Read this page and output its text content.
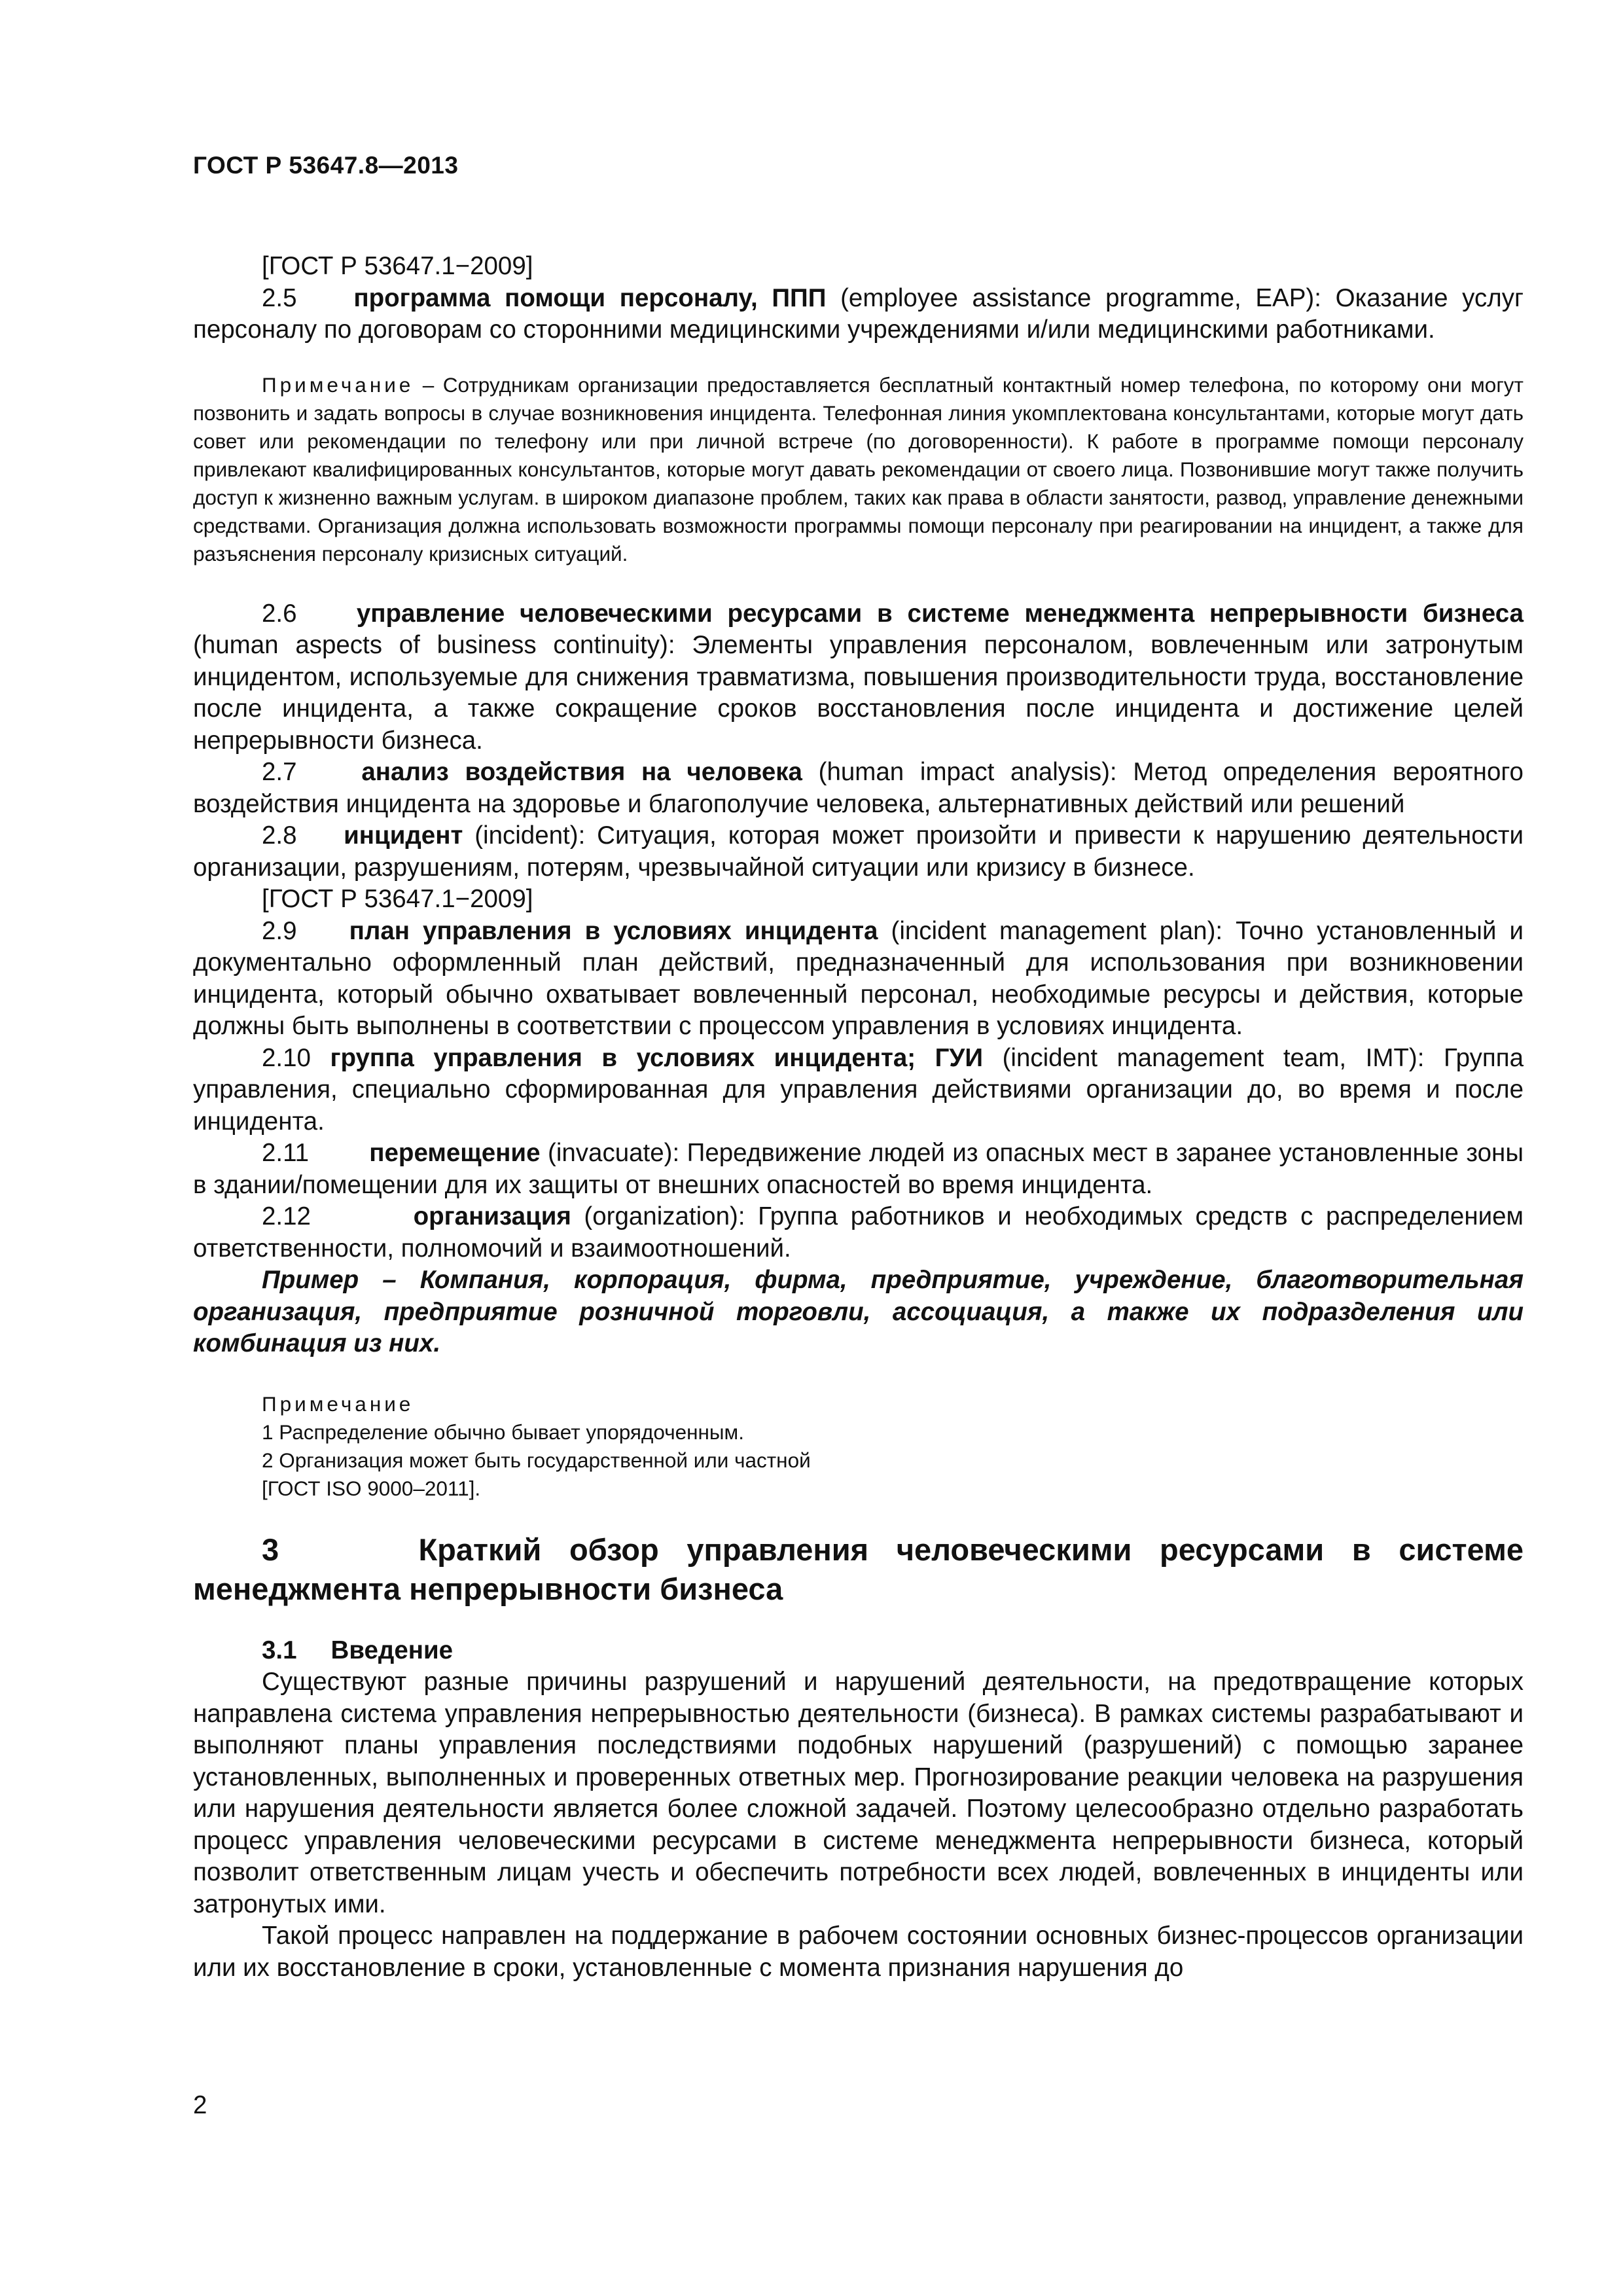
ГОСТ Р 53647.8—2013

[ГОСТ Р 53647.1−2009]

2.5 программа помощи персоналу, ППП (employee assistance programme, EAP): Оказание услуг персоналу по договорам со сторонними медицинскими учреждениями и/или медицинскими работниками.

Примечание – Сотрудникам организации предоставляется бесплатный контактный номер телефона, по которому они могут позвонить и задать вопросы в случае возникновения инцидента. Телефонная линия укомплектована консультантами, которые могут дать совет или рекомендации по телефону или при личной встрече (по договоренности). К работе в программе помощи персоналу привлекают квалифицированных консультантов, которые могут давать рекомендации от своего лица. Позвонившие могут также получить доступ к жизненно важным услугам. в широком диапазоне проблем, таких как права в области занятости, развод, управление денежными средствами. Организация должна использовать возможности программы помощи персоналу при реагировании на инцидент, а также для разъяснения персоналу кризисных ситуаций.

2.6 управление человеческими ресурсами в системе менеджмента непрерывности бизнеса (human aspects of business continuity): Элементы управления персоналом, вовлеченным или затронутым инцидентом, используемые для снижения травматизма, повышения производительности труда, восстановление после инцидента, а также сокращение сроков восстановления после инцидента и достижение целей непрерывности бизнеса.

2.7	анализ воздействия на человека (human impact analysis): Метод определения вероятного воздействия инцидента на здоровье и благополучие человека, альтернативных действий или решений

2.8 инцидент (incident): Ситуация, которая может произойти и привести к нарушению деятельности организации, разрушениям, потерям, чрезвычайной ситуации или кризису в бизнесе.

[ГОСТ Р 53647.1−2009]

2.9 план управления в условиях инцидента (incident management plan): Точно установленный и документально оформленный план действий, предназначенный для использования при возникновении инцидента, который обычно охватывает вовлеченный персонал, необходимые ресурсы и действия, которые должны быть выполнены в соответствии с процессом управления в условиях инцидента.

2.10 группа управления в условиях инцидента; ГУИ (incident management team, IMT): Группа управления, специально сформированная для управления действиями организации до, во время и после инцидента.

2.11 перемещение (invacuate): Передвижение людей из опасных мест в заранее установленные зоны в здании/помещении для их защиты от внешних опасностей во время инцидента.

2.12	организация (organization): Группа работников и необходимых средств с распределением ответственности, полномочий и взаимоотношений.

Пример – Компания, корпорация, фирма, предприятие, учреждение, благотворительная организация, предприятие розничной торговли, ассоциация, а также их подразделения или комбинация из них.

Примечание
1 Распределение обычно бывает упорядоченным.
2 Организация может быть государственной или частной
[ГОСТ ISO 9000–2011].

3	Краткий обзор управления человеческими ресурсами в системе менеджмента непрерывности бизнеса

3.1 Введение

Существуют разные причины разрушений и нарушений деятельности, на предотвращение которых направлена система управления непрерывностью деятельности (бизнеса). В рамках системы разрабатывают и выполняют планы управления последствиями подобных нарушений (разрушений) с помощью заранее установленных, выполненных и проверенных ответных мер. Прогнозирование реакции человека на разрушения или нарушения деятельности является более сложной задачей. Поэтому целесообразно отдельно разработать процесс управления человеческими ресурсами в системе менеджмента непрерывности бизнеса, который позволит ответственным лицам учесть и обеспечить потребности всех людей, вовлеченных в инциденты или затронутых ими.

Такой процесс направлен на поддержание в рабочем состоянии основных бизнес-процессов организации или их восстановление в сроки, установленные с момента признания нарушения до

2
